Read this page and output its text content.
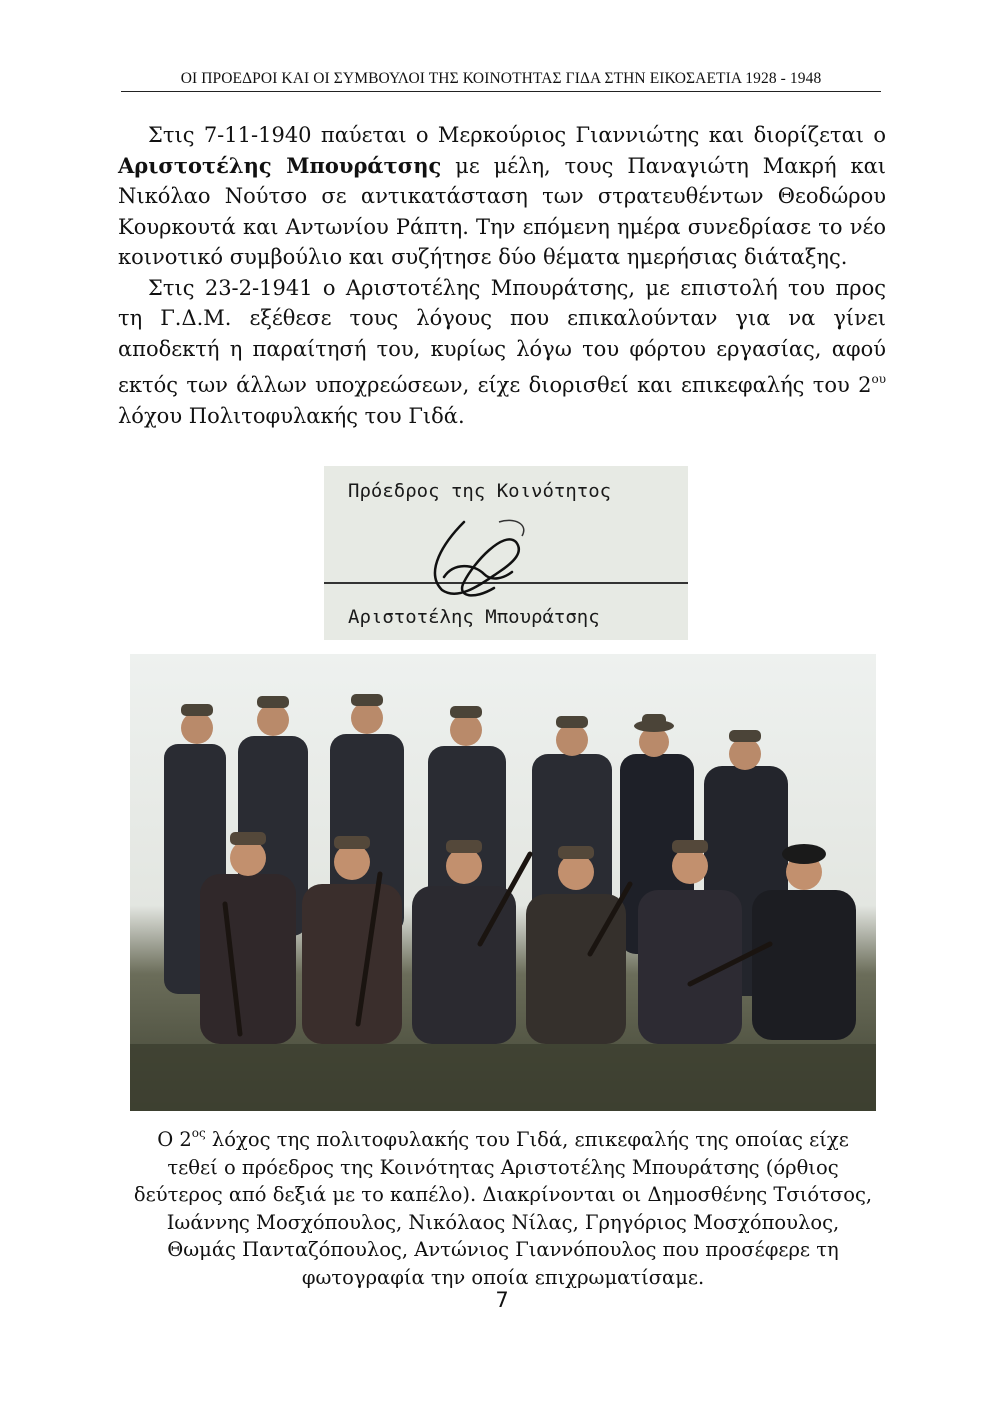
ΟΙ ΠΡΟΕΔΡΟΙ ΚΑΙ ΟΙ ΣΥΜΒΟΥΛΟΙ ΤΗΣ ΚΟΙΝΟΤΗΤΑΣ ΓΙΔΑ ΣΤΗΝ ΕΙΚΟΣΑΕΤΙΑ 1928 - 1948

Στις 7-11-1940 παύεται ο Μερκούριος Γιαννιώτης και διορίζεται ο Αριστοτέλης Μπουράτσης με μέλη, τους Παναγιώτη Μακρή και Νικόλαο Νούτσο σε αντικατάσταση των στρατευθέντων Θεοδώρου Κουρκουτά και Αντωνίου Ράπτη. Την επόμενη ημέρα συνεδρίασε το νέο κοινοτικό συμβούλιο και συζήτησε δύο θέματα ημερήσιας διάταξης.

Στις 23-2-1941 ο Αριστοτέλης Μπουράτσης, με επιστολή του προς τη Γ.Δ.Μ. εξέθεσε τους λόγους που επικαλούνταν για να γίνει αποδεκτή η παραίτησή του, κυρίως λόγω του φόρτου εργασίας, αφού εκτός των άλλων υποχρεώσεων, είχε διορισθεί και επικεφαλής του $2^{o\upsilon}$ λόχου Πολιτοφυλακής του Γιδά.

Πρόεδρος της Κοινότητος
Αριστοτέλης Μπουράτσης

Ο $2^{o\varsigma}$ λόχος της πολιτοφυλακής του Γιδά, επικεφαλής της οποίας είχε τεθεί ο πρόεδρος της Κοινότητας Αριστοτέλης Μπουράτσης (όρθιος δεύτερος από δεξιά με το καπέλο). Διακρίνονται οι Δημοσθένης Τσιότσος, Ιωάννης Μοσχόπουλος, Νικόλαος Νίλας, Γρηγόριος Μοσχόπουλος, Θωμάς Πανταζόπουλος, Αντώνιος Γιαννόπουλος που προσέφερε τη φωτογραφία την οποία επιχρωματίσαμε.

7
